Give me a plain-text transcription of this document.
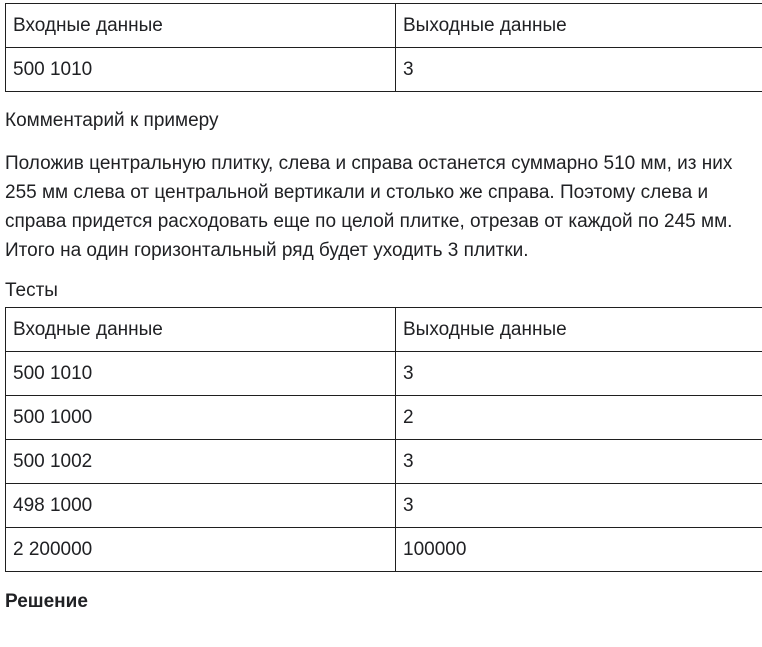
Входные данные	Выходные данные
500 1010	3
Комментарий к примеру
Положив центральную плитку, слева и справа останется суммарно 510 мм, из них 255 мм слева от центральной вертикали и столько же справа. Поэтому слева и справа придется расходовать еще по целой плитке, отрезав от каждой по 245 мм. Итого на один горизонтальный ряд будет уходить 3 плитки.
Тесты
Входные данные	Выходные данные
500 1010	3
500 1000	2
500 1002	3
498 1000	3
2 200000	100000
Решение
